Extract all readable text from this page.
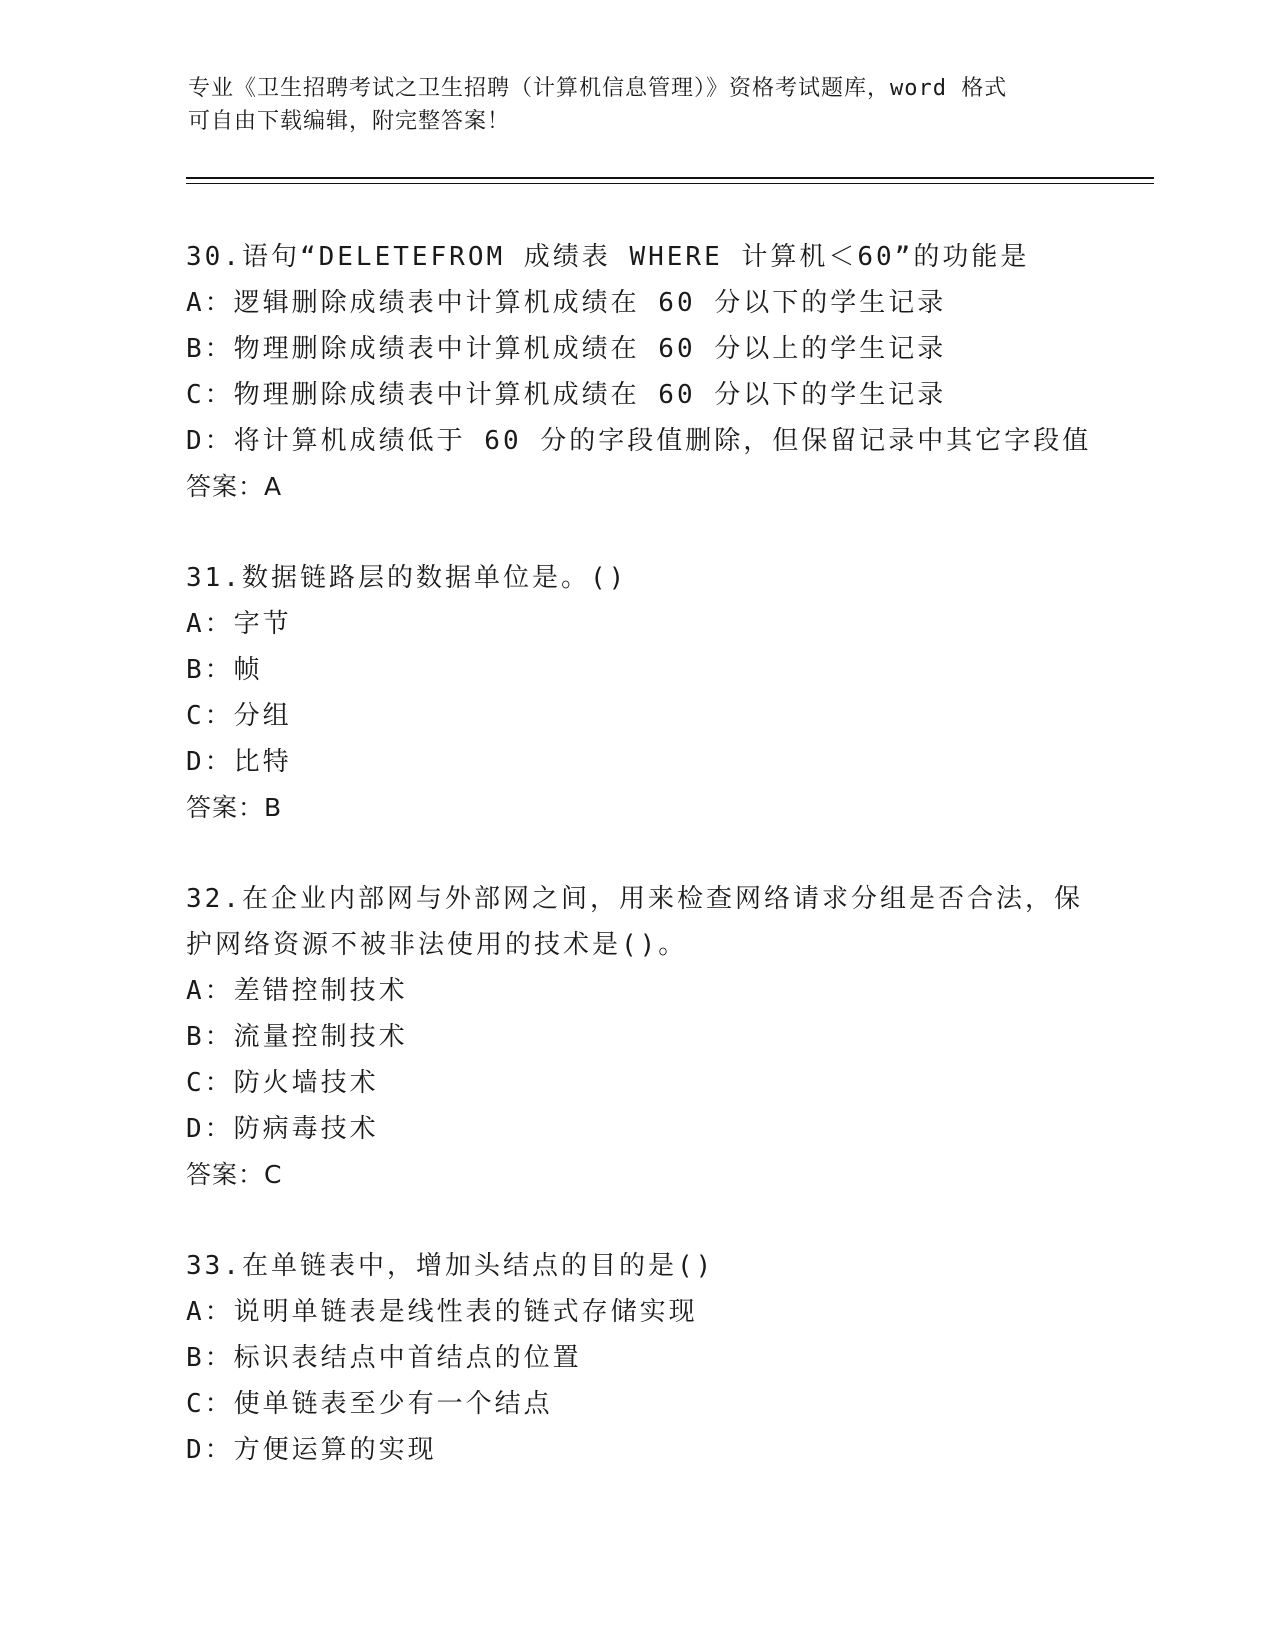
专业《卫生招聘考试之卫生招聘（计算机信息管理）》资格考试题库，word 格式
可自由下载编辑，附完整答案！
30.语句“DELETEFROM 成绩表 WHERE 计算机＜60”的功能是
A：逻辑删除成绩表中计算机成绩在 60 分以下的学生记录
B：物理删除成绩表中计算机成绩在 60 分以上的学生记录
C：物理删除成绩表中计算机成绩在 60 分以下的学生记录
D：将计算机成绩低于 60 分的字段值删除，但保留记录中其它字段值
答案：A
31.数据链路层的数据单位是。()
A：字节
B：帧
C：分组
D：比特
答案：B
32.在企业内部网与外部网之间，用来检查网络请求分组是否合法，保护网络资源不被非法使用的技术是()。
A：差错控制技术
B：流量控制技术
C：防火墙技术
D：防病毒技术
答案：C
33.在单链表中，增加头结点的目的是()
A：说明单链表是线性表的链式存储实现
B：标识表结点中首结点的位置
C：使单链表至少有一个结点
D：方便运算的实现
